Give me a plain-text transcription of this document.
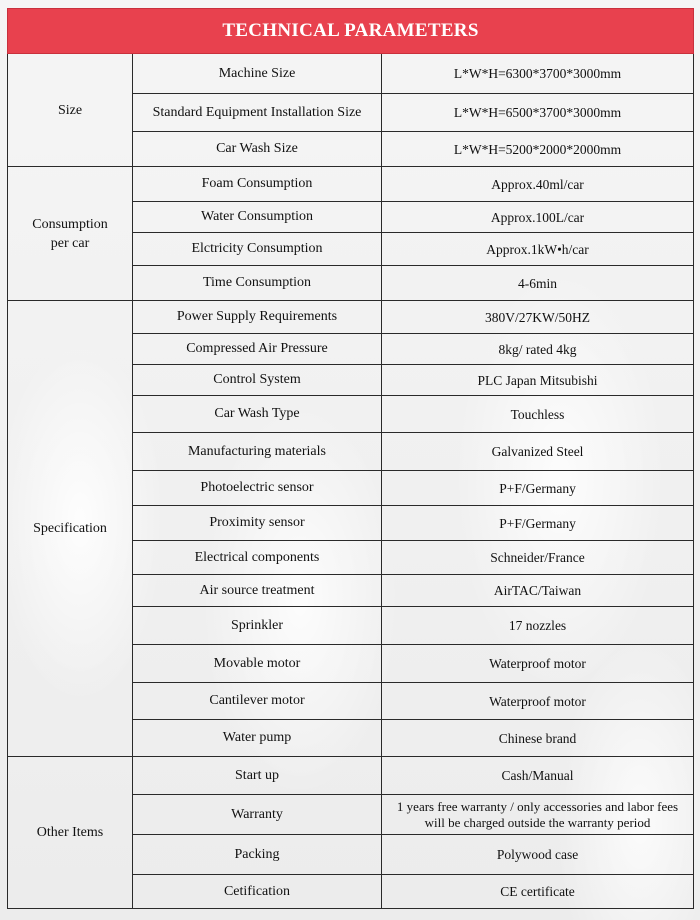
TECHNICAL PARAMETERS		
Size	Machine Size	L*W*H=6300*3700*3000mm
	Standard Equipment Installation Size	L*W*H=6500*3700*3000mm
	Car Wash Size	L*W*H=5200*2000*2000mm
Consumption per car	Foam Consumption	Approx.40ml/car
	Water Consumption	Approx.100L/car
	Elctricity Consumption	Approx.1kW•h/car
	Time Consumption	4-6min
Specification	Power Supply Requirements	380V/27KW/50HZ
	Compressed Air Pressure	8kg/ rated 4kg
	Control System	PLC Japan Mitsubishi
	Car Wash Type	Touchless
	Manufacturing materials	Galvanized Steel
	Photoelectric sensor	P+F/Germany
	Proximity sensor	P+F/Germany
	Electrical components	Schneider/France
	Air source treatment	AirTAC/Taiwan
	Sprinkler	17 nozzles
	Movable motor	Waterproof motor
	Cantilever motor	Waterproof motor
	Water pump	Chinese brand
Other Items	Start up	Cash/Manual
	Warranty	1 years free warranty / only accessories and labor fees will be charged outside the warranty period
	Packing	Polywood case
	Cetification	CE certificate
